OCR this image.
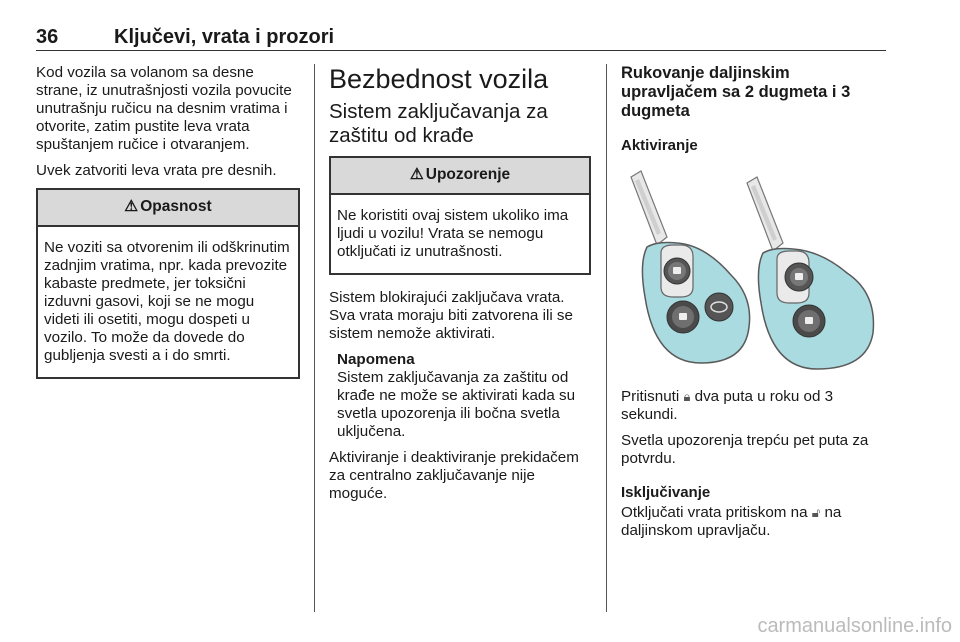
36	Ključevi, vrata i prozori

Kod vozila sa volanom sa desne strane, iz unutrašnjosti vozila povucite unutrašnju ručicu na desnim vratima i otvorite, zatim pustite leva vrata spuštanjem ručice i otvaranjem.

Uvek zatvoriti leva vrata pre desnih.

⚠ Opasnost
Ne voziti sa otvorenim ili odškrinutim zadnjim vratima, npr. kada prevozite kabaste predmete, jer toksični izduvni gasovi, koji se ne mogu videti ili osetiti, mogu dospeti u vozilo. To može da dovede do gubljenja svesti a i do smrti.
Bezbednost vozila
Sistem zaključavanja za zaštitu od krađe
⚠ Upozorenje
Ne koristiti ovaj sistem ukoliko ima ljudi u vozilu! Vrata se nemogu otključati iz unutrašnosti.

Sistem blokirajući zaključava vrata. Sva vrata moraju biti zatvorena ili se sistem nemože aktivirati.

Napomena
Sistem zaključavanja za zaštitu od krađe ne može se aktivirati kada su svetla upozorenja ili bočna svetla uključena.

Aktiviranje i deaktiviranje prekidačem za centralno zaključavanje nije moguće.

Rukovanje daljinskim upravljačem sa 2 dugmeta i 3 dugmeta
Aktiviranje

Pritisnuti 🔒︎ dva puta u roku od 3 sekundi.

Svetla upozorenja trepću pet puta za potvrdu.

Isključivanje

Otključati vrata pritiskom na 🔓︎ na daljinskom upravljaču.

carmanualsonline.info
